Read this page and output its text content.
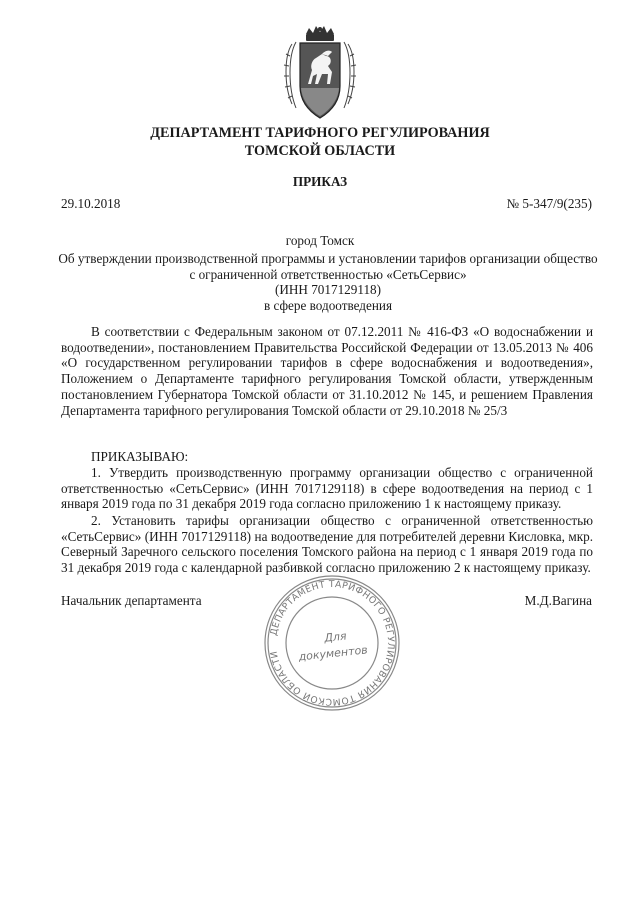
ДЕПАРТАМЕНТ ТАРИФНОГО РЕГУЛИРОВАНИЯ
ТОМСКОЙ ОБЛАСТИ
ПРИКАЗ
29.10.2018	№ 5-347/9(235)
город Томск
Об утверждении производственной программы и установлении тарифов организации общество
с ограниченной ответственностью «СетьСервис»
(ИНН 7017129118)
в сфере водоотведения
В соответствии с Федеральным законом от 07.12.2011 № 416-ФЗ «О водоснабжении и водоотведении», постановлением Правительства Российской Федерации от 13.05.2013 № 406 «О государственном регулировании тарифов в сфере водоснабжения и водоотведения», Положением о Департаменте тарифного регулирования Томской области, утвержденным постановлением Губернатора Томской области от 31.10.2012 № 145, и решением Правления Департамента тарифного регулирования Томской области от 29.10.2018 № 25/3
ПРИКАЗЫВАЮ:
1. Утвердить производственную программу организации общество с ограниченной ответственностью «СетьСервис» (ИНН 7017129118) в сфере водоотведения на период с 1 января 2019 года по 31 декабря 2019 года согласно приложению 1 к настоящему приказу.
2. Установить тарифы организации общество с ограниченной ответственностью «СетьСервис» (ИНН 7017129118) на водоотведение для потребителей деревни Кисловка, мкр. Северный Заречного сельского поселения Томского района на период с 1 января 2019 года по 31 декабря 2019 года с календарной разбивкой согласно приложению 2 к настоящему приказу.
Начальник департамента	М.Д.Вагина
ДЕПАРТАМЕНТ ТАРИФНОГО РЕГУЛИРОВАНИЯ ТОМСКОЙ ОБЛАСТИ
Для
документов
